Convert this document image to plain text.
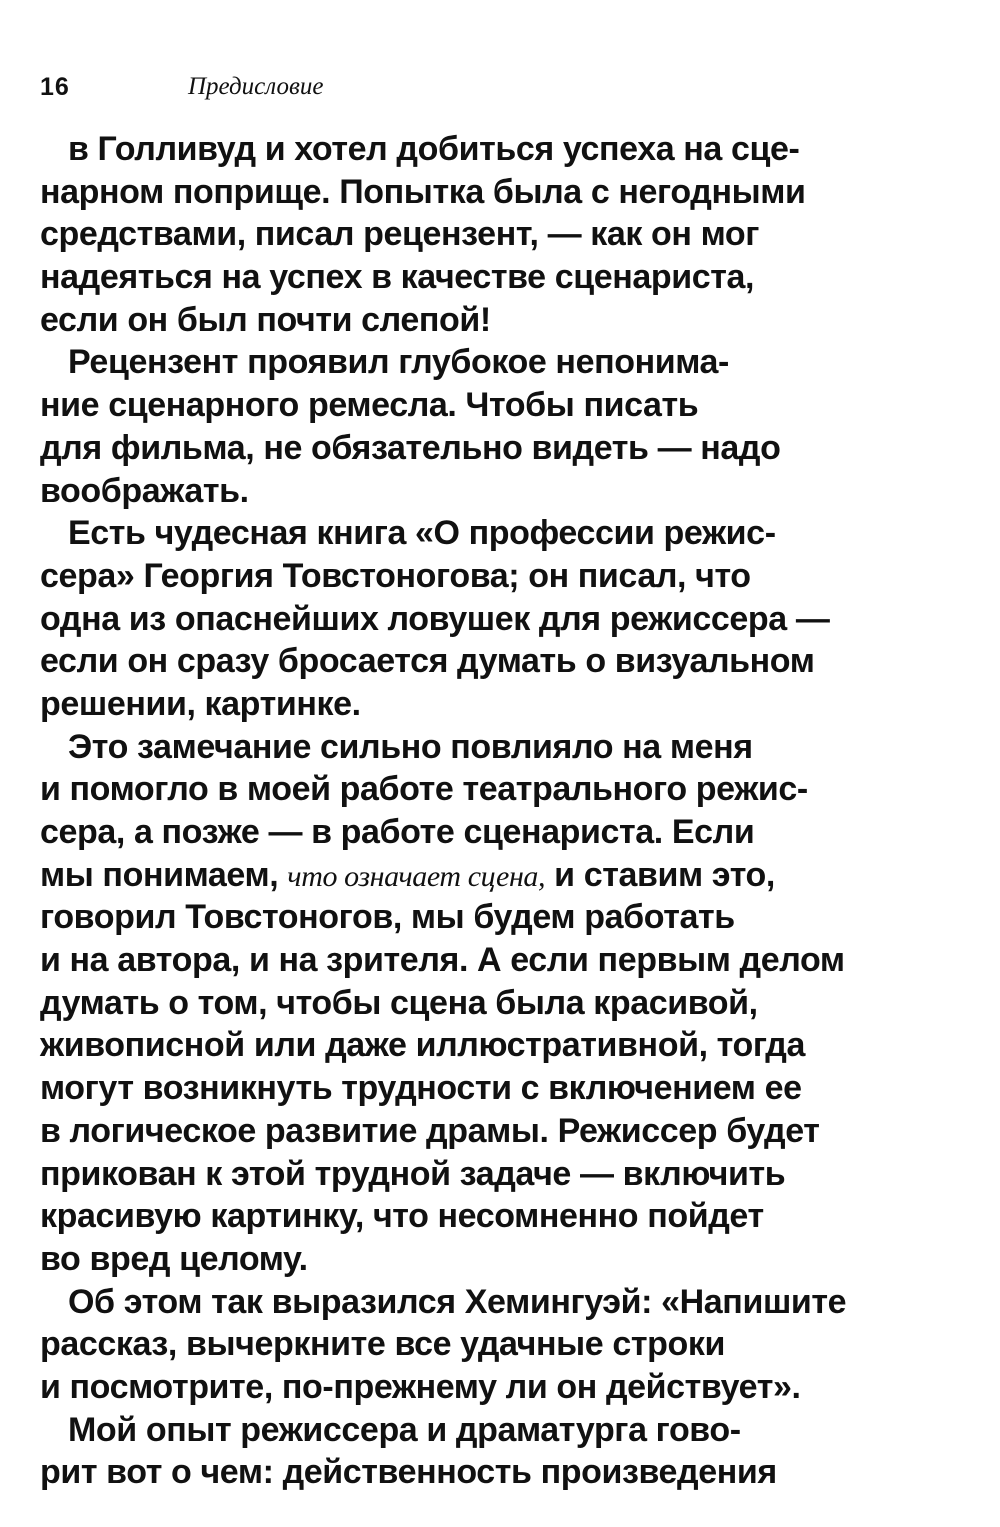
16	Предисловие
в Голливуд и хотел добиться успеха на сце-
нарном поприще. Попытка была с негодными
средствами, писал рецензент, — как он мог
надеяться на успех в качестве сценариста,
если он был почти слепой!
Рецензент проявил глубокое непонима-
ние сценарного ремесла. Чтобы писать
для фильма, не обязательно видеть — надо
воображать.
Есть чудесная книга «О профессии режис-
сера» Георгия Товстоногова; он писал, что
одна из опаснейших ловушек для режиссера —
если он сразу бросается думать о визуальном
решении, картинке.
Это замечание сильно повлияло на меня
и помогло в моей работе театрального режис-
сера, а позже — в работе сценариста. Если
мы понимаем, что означает сцена, и ставим это,
говорил Товстоногов, мы будем работать
и на автора, и на зрителя. А если первым делом
думать о том, чтобы сцена была красивой,
живописной или даже иллюстративной, тогда
могут возникнуть трудности с включением ее
в логическое развитие драмы. Режиссер будет
прикован к этой трудной задаче — включить
красивую картинку, что несомненно пойдет
во вред целому.
Об этом так выразился Хемингуэй: «Напишите
рассказ, вычеркните все удачные строки
и посмотрите, по-прежнему ли он действует».
Мой опыт режиссера и драматурга гово-
рит вот о чем: действенность произведения
